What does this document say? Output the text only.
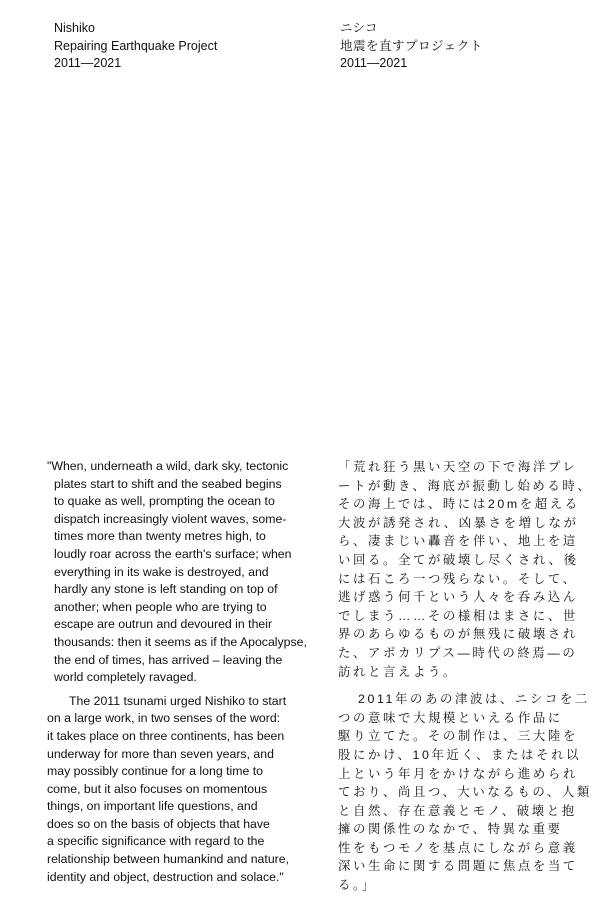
Nishiko
Repairing Earthquake Project
2011—2021
ニシコ
地震を直すプロジェクト
2011—2021
"When, underneath a wild, dark sky, tectonic
plates start to shift and the seabed begins
to quake as well, prompting the ocean to
dispatch increasingly violent waves, some-
times more than twenty metres high, to
loudly roar across the earth's surface; when
everything in its wake is destroyed, and
hardly any stone is left standing on top of
another; when people who are trying to
escape are outrun and devoured in their
thousands: then it seems as if the Apocalypse,
the end of times, has arrived – leaving the
world completely ravaged.
The 2011 tsunami urged Nishiko to start
on a large work, in two senses of the word:
it takes place on three continents, has been
underway for more than seven years, and
may possibly continue for a long time to
come, but it also focuses on momentous
things, on important life questions, and
does so on the basis of objects that have
a specific significance with regard to the
relationship between humankind and nature,
identity and object, destruction and solace."
「荒れ狂う黒い天空の下で海洋プレ
ートが動き、海底が振動し始める時、
その海上では、時には20mを超える
大波が誘発され、凶暴さを増しなが
ら、凄まじい轟音を伴い、地上を這
い回る。全てが破壊し尽くされ、後
には石ころ一つ残らない。そして、
逃げ惑う何千という人々を呑み込ん
でしまう……その様相はまさに、世
界のあらゆるものが無残に破壊され
た、アポカリプス—時代の終焉—の
訪れと言えよう。
2011年のあの津波は、ニシコを二
つの意味で大規模といえる作品に
駆り立てた。その制作は、三大陸を
股にかけ、10年近く、またはそれ以
上という年月をかけながら進められ
ており、尚且つ、大いなるもの、人類
と自然、存在意義とモノ、破壊と抱
擁の関係性のなかで、特異な重要
性をもつモノを基点にしながら意義
深い生命に関する問題に焦点を当て
る。」
